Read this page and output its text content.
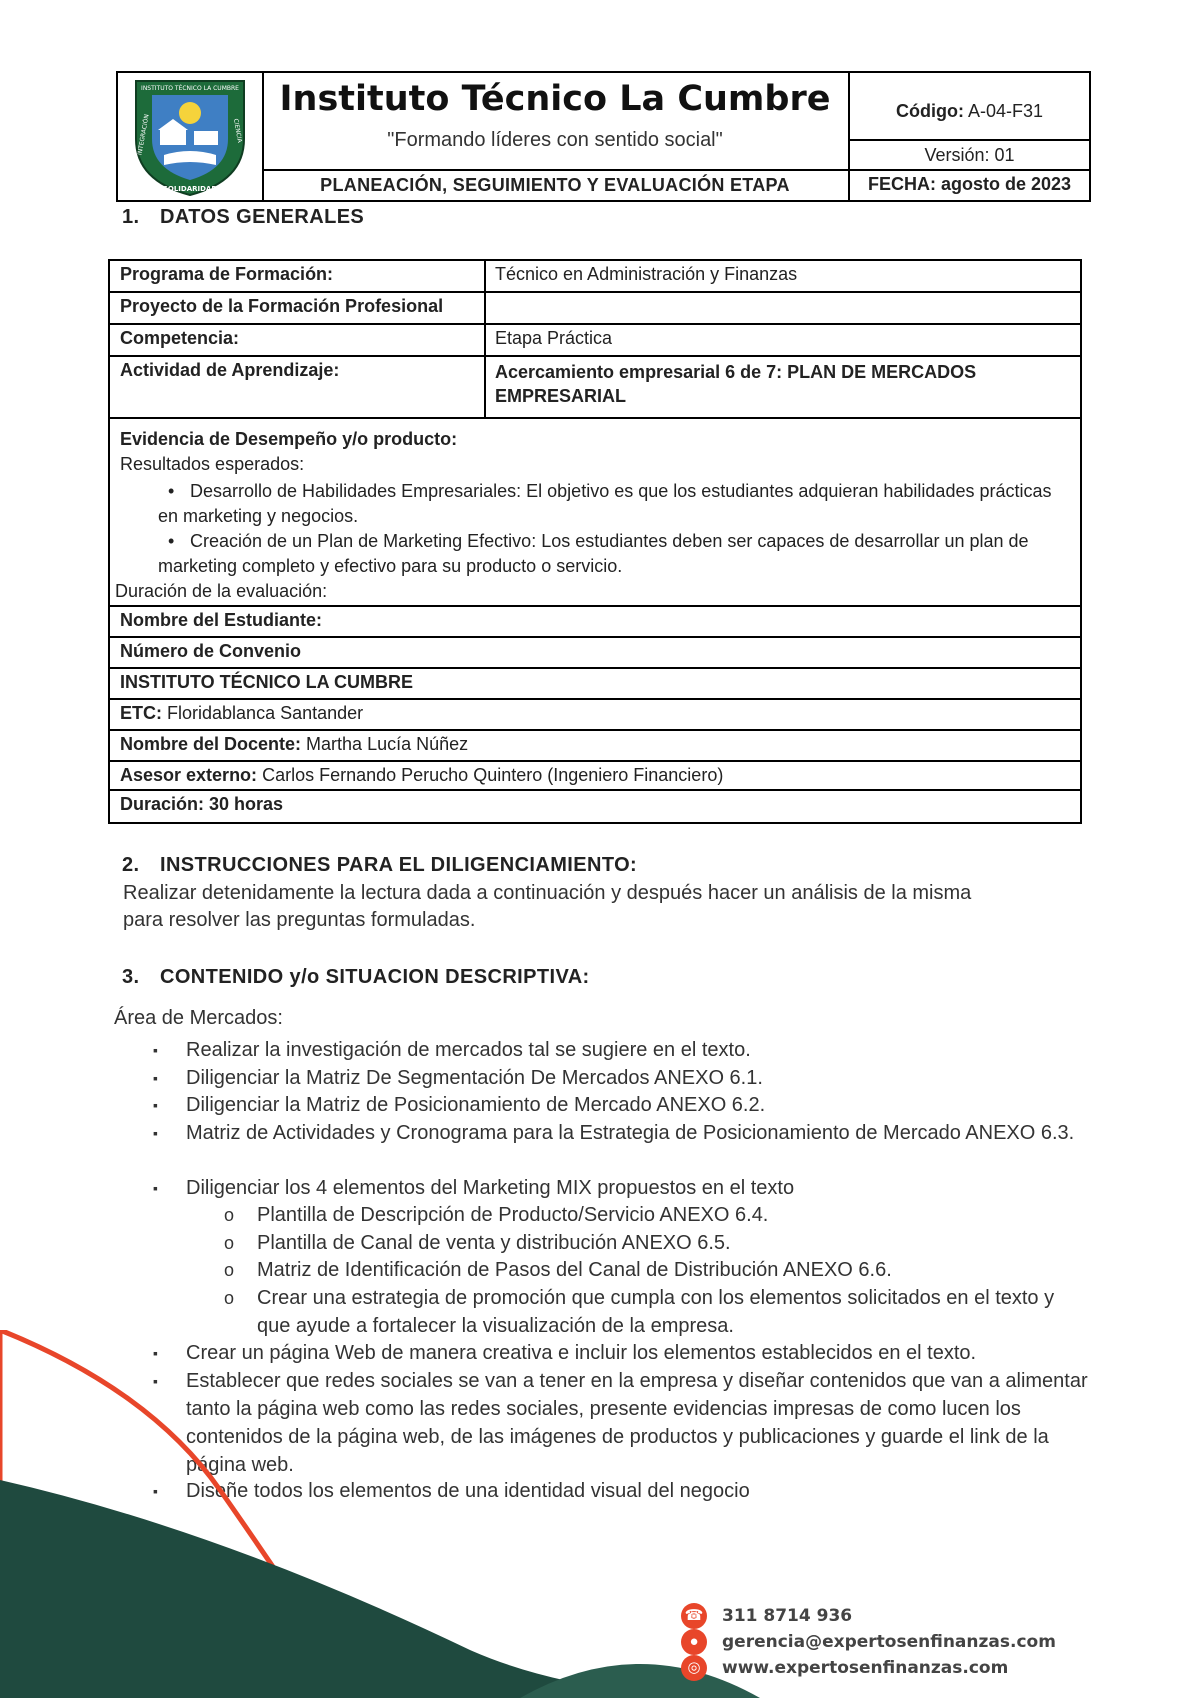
INSTITUTO TÉCNICO LA CUMBRE
SOLIDARIDAD
INTEGRACIÓN	CIENCIA
Instituto Técnico La Cumbre
"Formando líderes con sentido social"
PLANEACIÓN, SEGUIMIENTO Y EVALUACIÓN ETAPA
Código: A-04-F31
Versión: 01
FECHA: agosto de 2023
1. DATOS GENERALES
Programa de Formación:	Técnico en Administración y Finanzas
Proyecto de la Formación Profesional
Competencia:	Etapa Práctica
Actividad de Aprendizaje:	Acercamiento empresarial 6 de 7: PLAN DE MERCADOS EMPRESARIAL
Evidencia de Desempeño y/o producto:
Resultados esperados:
• Desarrollo de Habilidades Empresariales: El objetivo es que los estudiantes adquieran habilidades prácticas en marketing y negocios.
• Creación de un Plan de Marketing Efectivo: Los estudiantes deben ser capaces de desarrollar un plan de marketing completo y efectivo para su producto o servicio.
Duración de la evaluación:
Nombre del Estudiante:
Número de Convenio
INSTITUTO TÉCNICO LA CUMBRE
ETC: Floridablanca Santander
Nombre del Docente: Martha Lucía Núñez
Asesor externo: Carlos Fernando Perucho Quintero (Ingeniero Financiero)
Duración: 30 horas
2. INSTRUCCIONES PARA EL DILIGENCIAMIENTO:
Realizar detenidamente la lectura dada a continuación y después hacer un análisis de la misma
para resolver las preguntas formuladas.
3. CONTENIDO y/o SITUACION DESCRIPTIVA:
Área de Mercados:
▪ Realizar la investigación de mercados tal se sugiere en el texto.
▪ Diligenciar la Matriz De Segmentación De Mercados ANEXO 6.1.
▪ Diligenciar la Matriz de Posicionamiento de Mercado ANEXO 6.2.
▪ Matriz de Actividades y Cronograma para la Estrategia de Posicionamiento de Mercado ANEXO 6.3.
▪ Diligenciar los 4 elementos del Marketing MIX propuestos en el texto
o Plantilla de Descripción de Producto/Servicio ANEXO 6.4.
o Plantilla de Canal de venta y distribución ANEXO 6.5.
o Matriz de Identificación de Pasos del Canal de Distribución ANEXO 6.6.
o Crear una estrategia de promoción que cumpla con los elementos solicitados en el texto y que ayude a fortalecer la visualización de la empresa.
▪ Crear un página Web de manera creativa e incluir los elementos establecidos en el texto.
▪ Establecer que redes sociales se van a tener en la empresa y diseñar contenidos que van a alimentar tanto la página web como las redes sociales, presente evidencias impresas de como lucen los contenidos de la página web, de las imágenes de productos y publicaciones y guarde el link de la página web.
▪ Diseñe todos los elementos de una identidad visual del negocio
☎ 311 8714 936
●	gerencia@expertosenfinanzas.com
◎	www.expertosenfinanzas.com
